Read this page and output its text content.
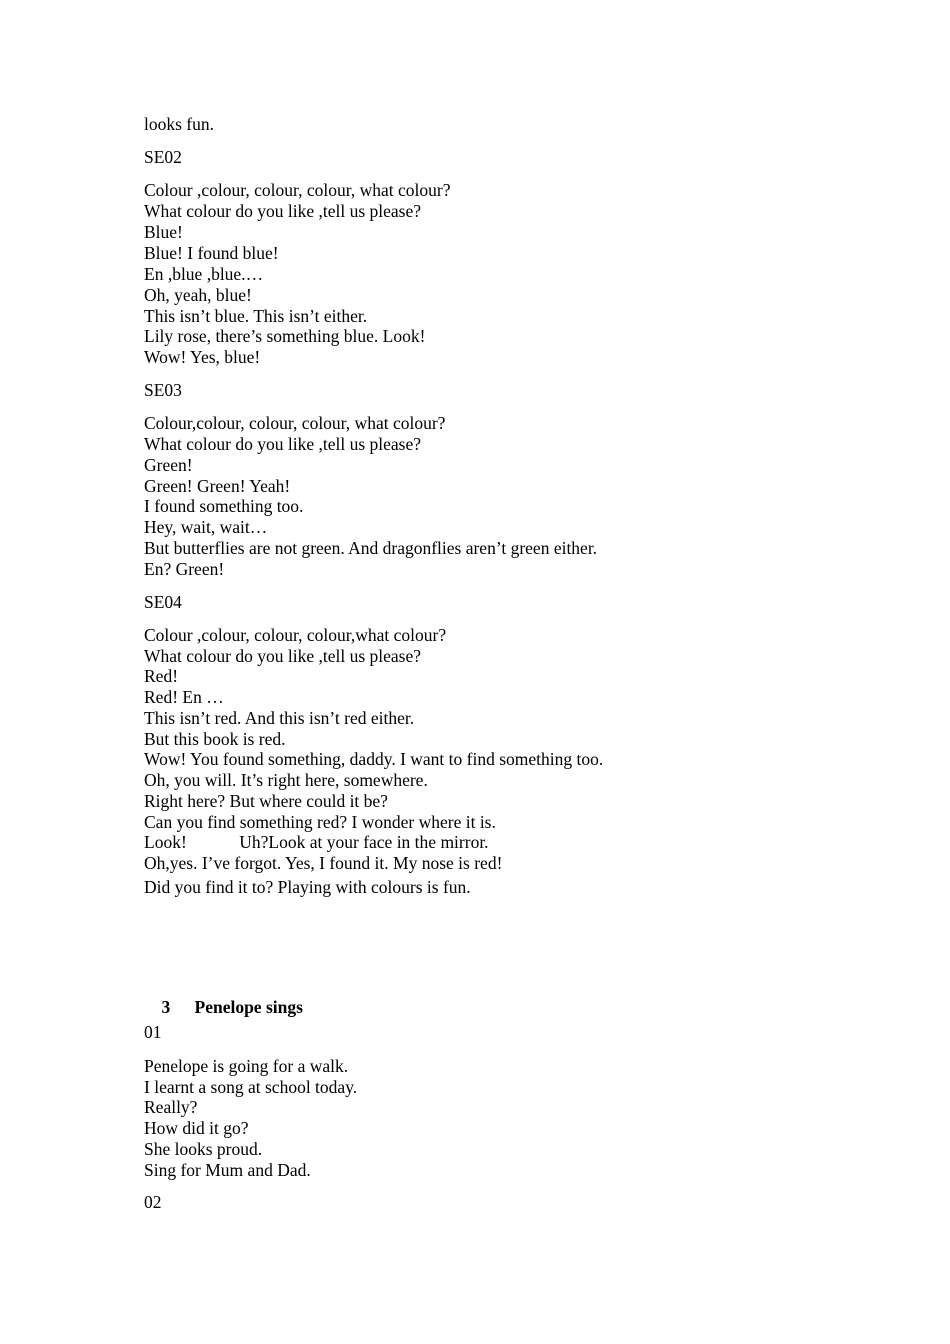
looks fun.
SE02
Colour ,colour, colour, colour, what colour?
What colour do you like ,tell us please?
Blue!
Blue! I found blue!
En ,blue ,blue.…
Oh, yeah, blue!
This isn’t blue. This isn’t either.
Lily rose, there’s something blue. Look!
Wow! Yes, blue!
SE03
Colour,colour, colour, colour, what colour?
What colour do you like ,tell us please?
Green!
Green! Green! Yeah!
I found something too.
Hey, wait, wait…
But butterflies are not green. And dragonflies aren’t green either.
En? Green!
SE04
Colour ,colour, colour, colour,what colour?
What colour do you like ,tell us please?
Red!
Red! En …
This isn’t red. And this isn’t red either.
But this book is red.
Wow! You found something, daddy. I want to find something too.
Oh, you will. It’s right here, somewhere.
Right here? But where could it be?
Can you find something red? I wonder where it is.
Look!            Uh?Look at your face in the mirror.
Oh,yes. I’ve forgot. Yes, I found it. My nose is red!
Did you find it to? Playing with colours is fun.

3 Penelope sings

01
Penelope is going for a walk.
I learnt a song at school today.
Really?
How did it go?
She looks proud.
Sing for Mum and Dad.
02
